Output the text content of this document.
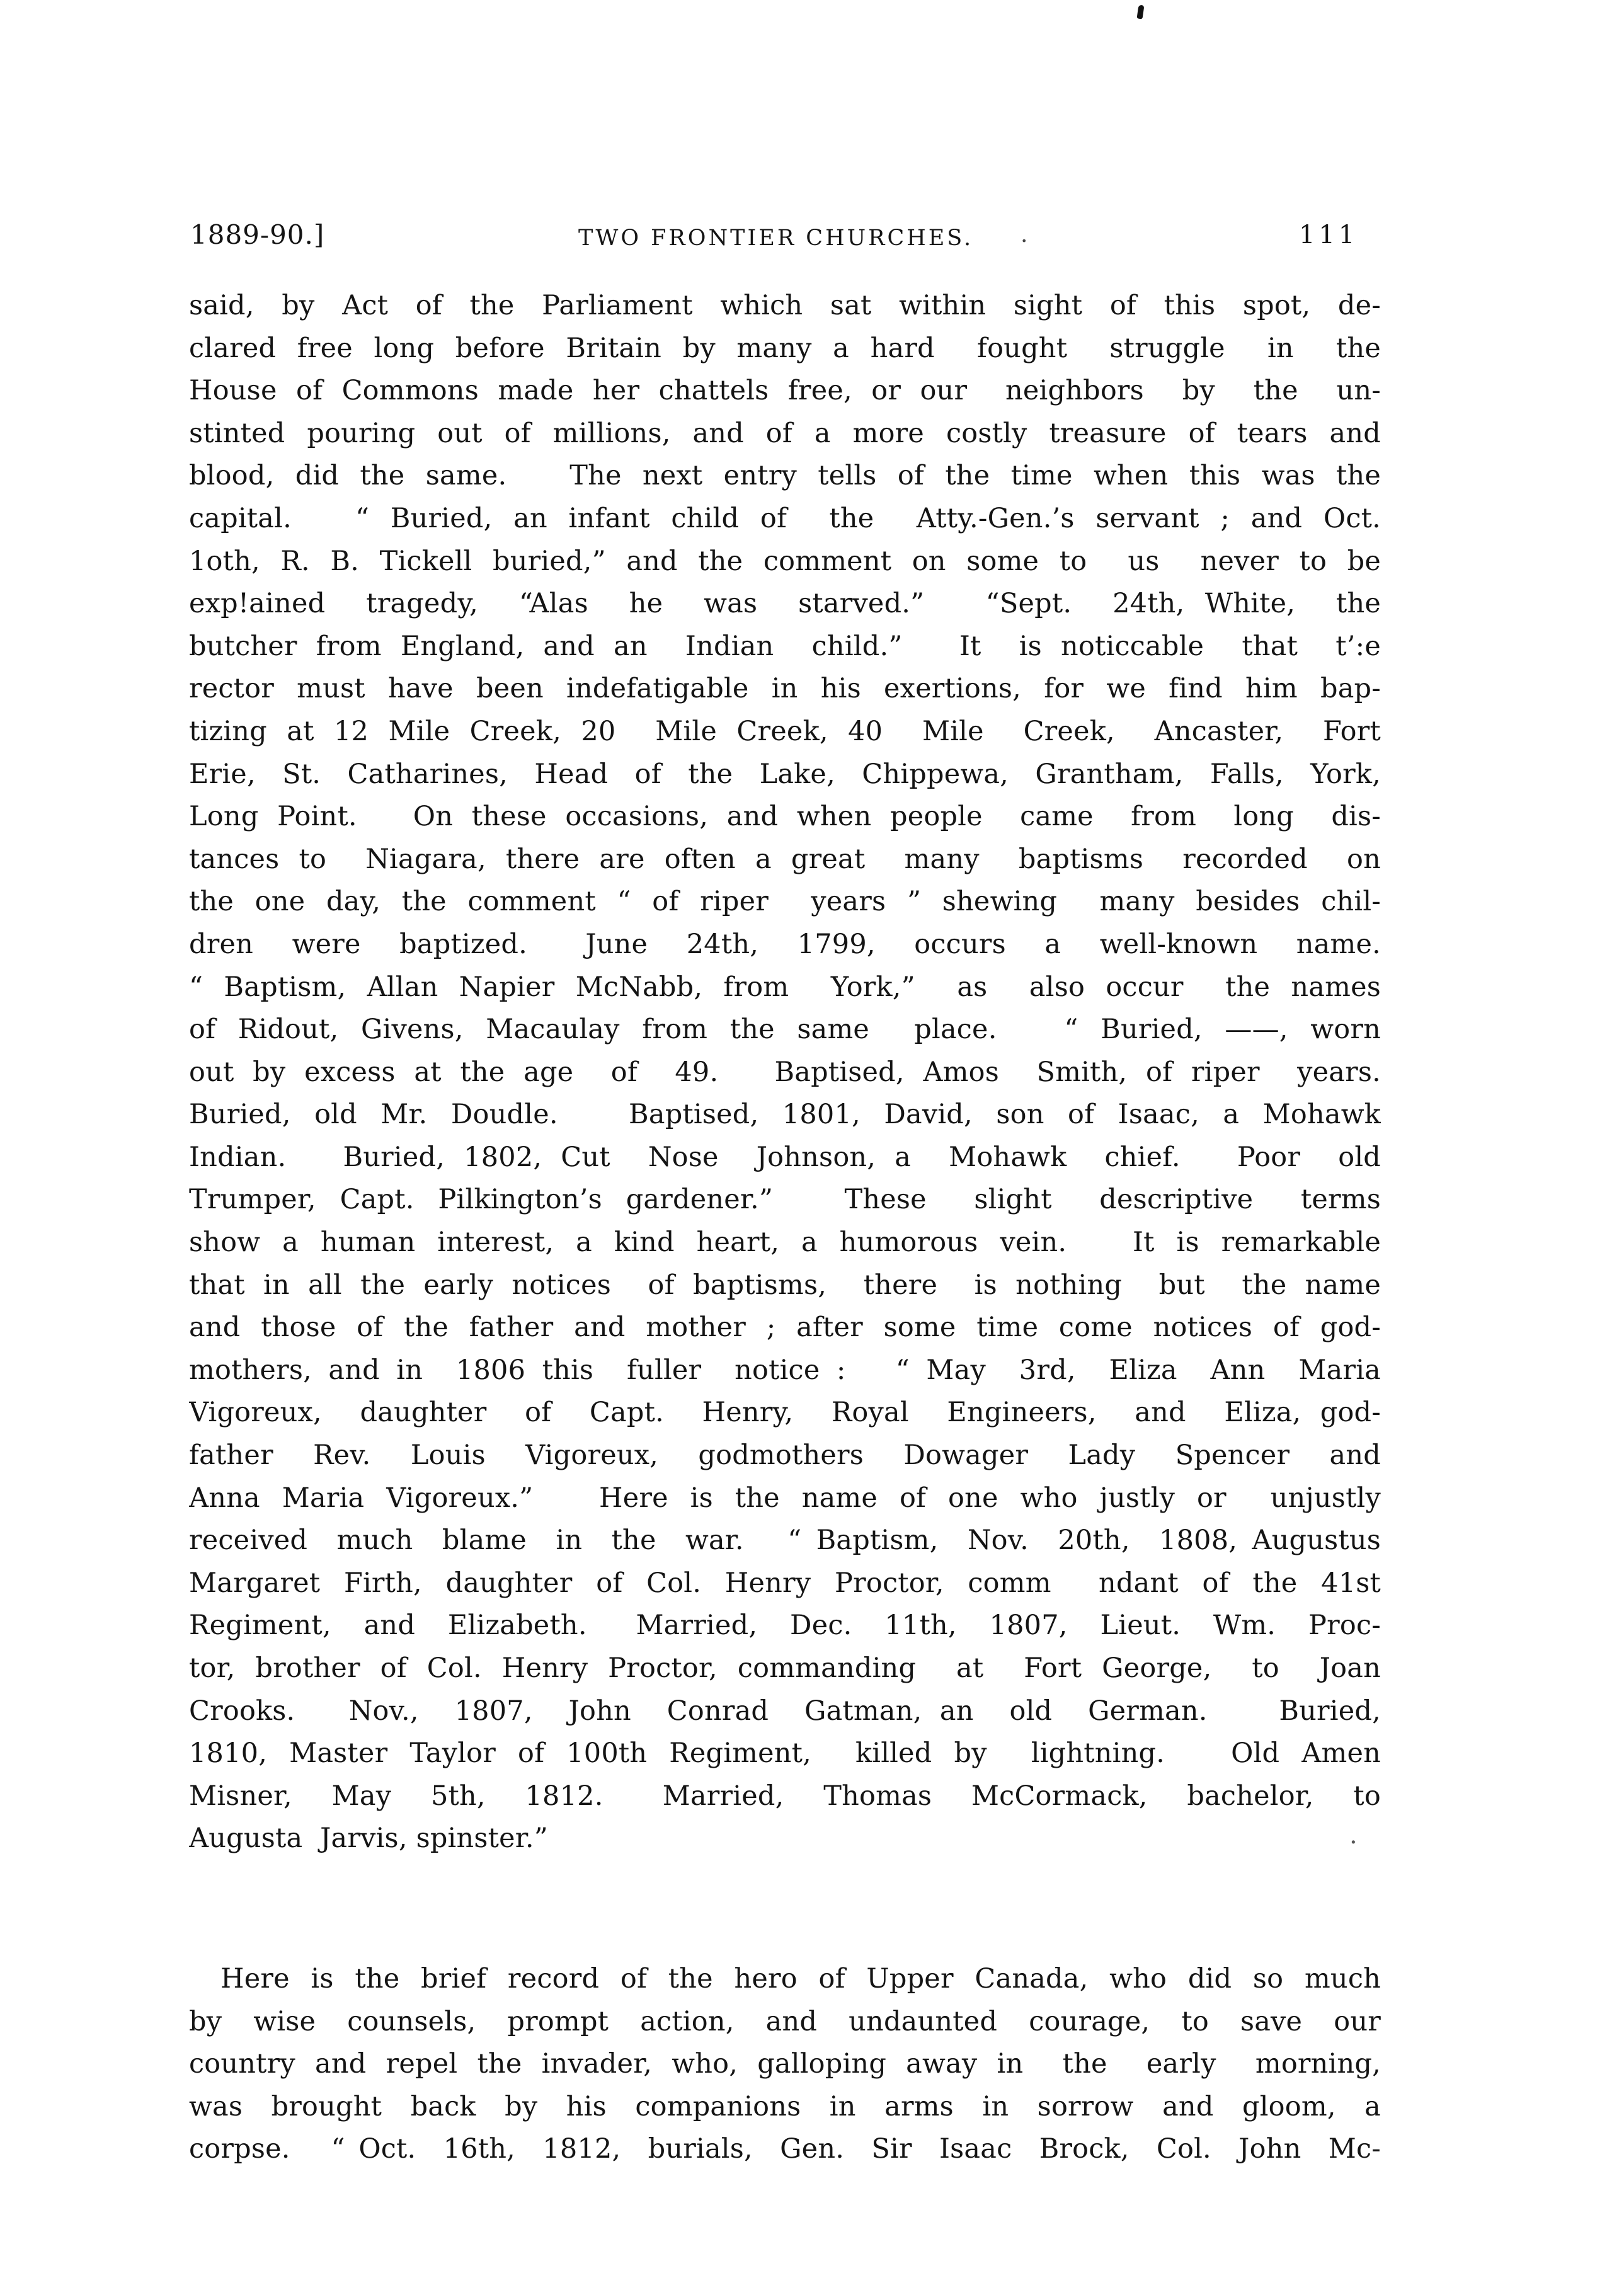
1889-90.]	TWO FRONTIER CHURCHES. .	111
said, by Act of the Parliament which sat within sight of this spot, de-
clared free long before Britain by many a hard  fought  struggle  in  the
House of Commons made her chattels free, or our  neighbors  by  the  un-
stinted pouring out of millions, and of a more costly treasure of tears and
blood, did the same.   The next entry tells of the time when this was the
capital.   “ Buried, an infant child of  the  Atty.-Gen.’s servant ; and Oct.
1oth, R. B. Tickell buried,” and the comment on some to  us  never to be
exp!ained  tragedy,  “Alas  he  was  starved.”   “Sept.  24th, White,  the
butcher from England, and an  Indian  child.”   It  is noticcable  that  t’:e
rector must have been indefatigable in his exertions, for we find him bap-
tizing at 12 Mile Creek, 20  Mile Creek, 40  Mile  Creek,  Ancaster,  Fort
Erie, St. Catharines, Head of the Lake, Chippewa, Grantham, Falls, York,
Long Point.   On these occasions, and when people  came  from  long  dis-
tances to  Niagara, there are often a great  many  baptisms  recorded  on
the one day, the comment “ of riper  years ” shewing  many besides chil-
dren  were  baptized.   June  24th,  1799,  occurs  a  well-known  name.
“ Baptism, Allan Napier McNabb, from  York,”  as  also occur  the names
of Ridout, Givens, Macaulay from the same  place.   “ Buried, ——, worn
out by excess at the age  of  49.   Baptised, Amos  Smith, of riper  years.
Buried, old Mr. Doudle.   Baptised, 1801, David, son of Isaac, a Mohawk
Indian.   Buried, 1802, Cut  Nose  Johnson, a  Mohawk  chief.   Poor  old
Trumper, Capt. Pilkington’s gardener.”   These  slight  descriptive  terms
show a human interest, a kind heart, a humorous vein.   It is remarkable
that in all the early notices  of baptisms,  there  is nothing  but  the name
and those of the father and mother ; after some time come notices of god-
mothers, and in  1806 this  fuller  notice :   “ May  3rd,  Eliza  Ann  Maria
Vigoreux,  daughter  of  Capt.  Henry,  Royal  Engineers,  and  Eliza, god-
father  Rev.  Louis  Vigoreux,  godmothers  Dowager  Lady  Spencer  and
Anna Maria Vigoreux.”   Here is the name of one who justly or  unjustly
received  much  blame  in  the  war.   “ Baptism,  Nov.  20th,  1808, Augustus
Margaret Firth, daughter of Col. Henry Proctor, comm  ndant of the 41st
Regiment,  and  Elizabeth.   Married,  Dec.  11th,  1807,  Lieut.  Wm.  Proc-
tor, brother of Col. Henry Proctor, commanding  at  Fort George,  to  Joan
Crooks.   Nov.,  1807,  John  Conrad  Gatman, an  old  German.    Buried,
1810, Master Taylor of 100th Regiment,  killed by  lightning.   Old Amen
Misner,  May  5th,  1812.   Married,  Thomas  McCormack,  bachelor,  to
Augusta  Jarvis, spinster.”
Here is the brief record of the hero of Upper Canada, who did so much
by  wise  counsels,  prompt  action,  and  undaunted  courage,  to  save  our
country and repel the invader, who, galloping away in  the  early  morning,
was  brought  back  by  his  companions  in  arms  in  sorrow  and  gloom,  a
corpse.   “ Oct.  16th,  1812,  burials,  Gen.  Sir  Isaac  Brock,  Col.  John  Mc-
.
